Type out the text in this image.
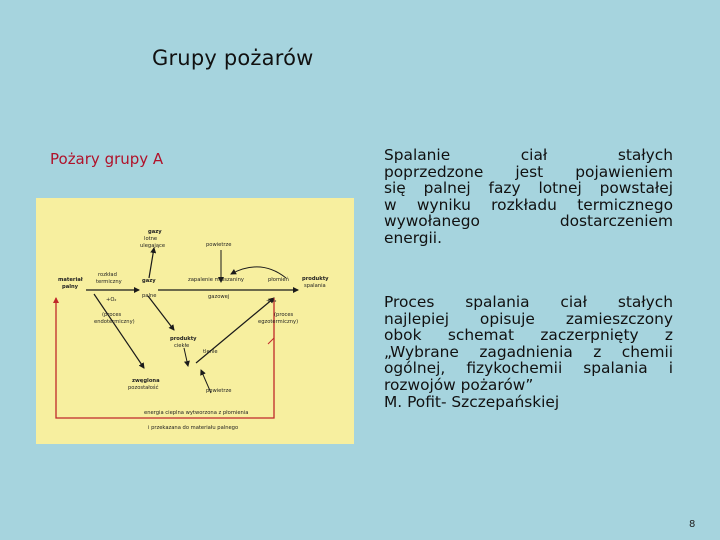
Grupy pożarów
Pożary grupy A
gazy
lotne
ulegające	powietrze
materiał
palny
rozkład
termiczny
+O₂
(proces
endotermiczny)
gazy
palne
zapalenie mieszaniny	płomień	produkty
spalania
gazowej
+O₂
(proces
egzotermiczny)
produkty
ciekłe
tlenie
zwęglona
pozostałość	powietrze
energia cieplna wytworzona z płomienia
i przekazana do materiału palnego

Spalanie ciał stałych
poprzedzone jest pojawieniem
się palnej fazy lotnej powstałej
w wyniku rozkładu termicznego
wywołanego dostarczeniem
energii.

Proces spalania ciał stałych
najlepiej opisuje zamieszczony
obok schemat zaczerpnięty z
„Wybrane zagadnienia z chemii
ogólnej, fizykochemii spalania i
rozwojów pożarów”
M. Pofit- Szczepańskiej

8
